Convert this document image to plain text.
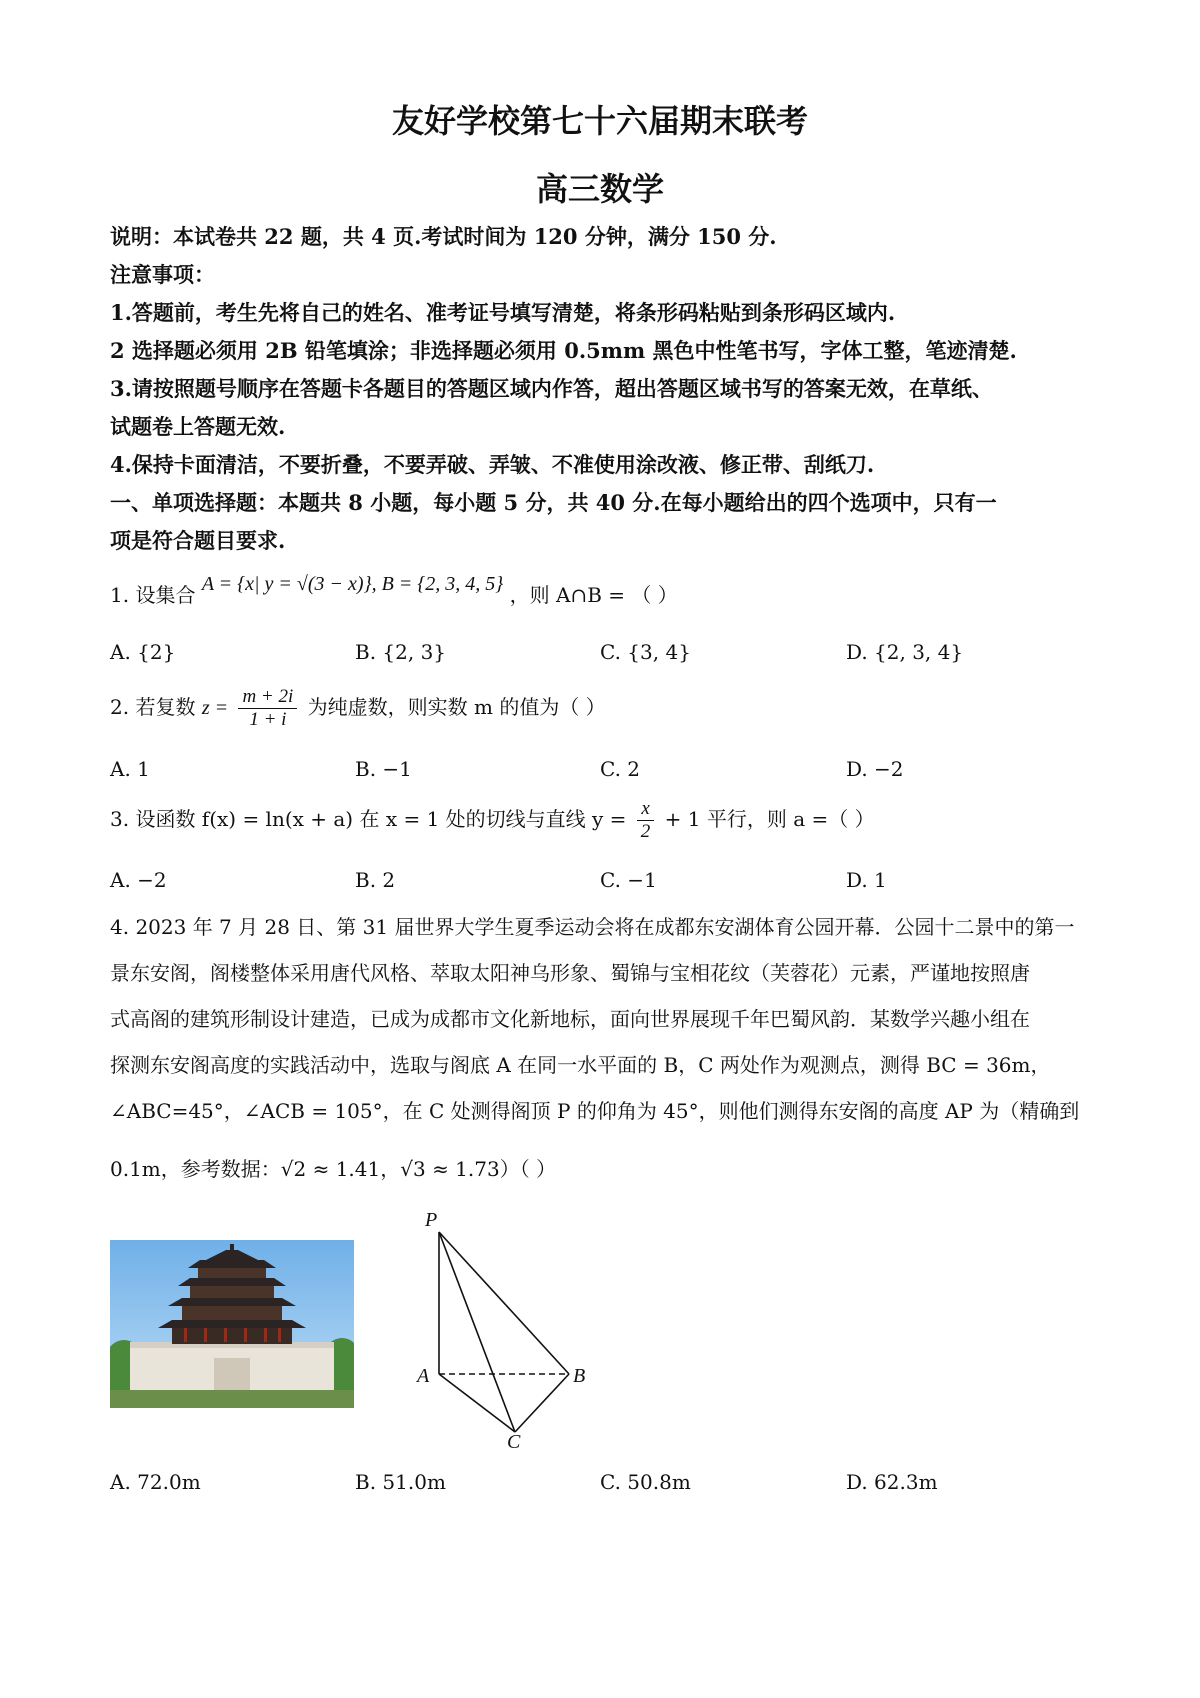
友好学校第七十六届期末联考
高三数学
说明：本试卷共 22 题，共 4 页.考试时间为 120 分钟，满分 150 分.
注意事项：
1.答题前，考生先将自己的姓名、准考证号填写清楚，将条形码粘贴到条形码区域内.
2 选择题必须用 2B 铅笔填涂；非选择题必须用 0.5mm 黑色中性笔书写，字体工整，笔迹清楚.
3.请按照题号顺序在答题卡各题目的答题区域内作答，超出答题区域书写的答案无效，在草纸、
试题卷上答题无效.
4.保持卡面清洁，不要折叠，不要弄破、弄皱、不准使用涂改液、修正带、刮纸刀.
一、单项选择题：本题共 8 小题，每小题 5 分，共 40 分.在每小题给出的四个选项中，只有一
项是符合题目要求.
1. 设集合 A = {x| y = √(3 − x)}, B = {2, 3, 4, 5} ，则 A∩B = （ ）
A. {2}	B. {2, 3}	C. {3, 4}	D. {2, 3, 4}
2. 若复数 $z = \frac{m + 2i}{1 + i}$ 为纯虚数，则实数 m 的值为（ ）
A. 1	B. −1	C. 2	D. −2
3. 设函数 f(x) = ln(x + a) 在 x = 1 处的切线与直线 $y = \frac{x}{2} + 1$ 平行，则 a =（ ）
A. −2	B. 2	C. −1	D. 1
4. 2023 年 7 月 28 日、第 31 届世界大学生夏季运动会将在成都东安湖体育公园开幕．公园十二景中的第一
景东安阁，阁楼整体采用唐代风格、萃取太阳神乌形象、蜀锦与宝相花纹（芙蓉花）元素，严谨地按照唐
式高阁的建筑形制设计建造，已成为成都市文化新地标，面向世界展现千年巴蜀风韵．某数学兴趣小组在
探测东安阁高度的实践活动中，选取与阁底 A 在同一水平面的 B，C 两处作为观测点，测得 BC = 36m，
∠ABC=45°，∠ACB = 105°，在 C 处测得阁顶 P 的仰角为 45°，则他们测得东安阁的高度 AP 为（精确到
0.1m，参考数据：√2 ≈ 1.41，√3 ≈ 1.73）（ ）
P
A	B
C
A. 72.0m	B. 51.0m	C. 50.8m	D. 62.3m
